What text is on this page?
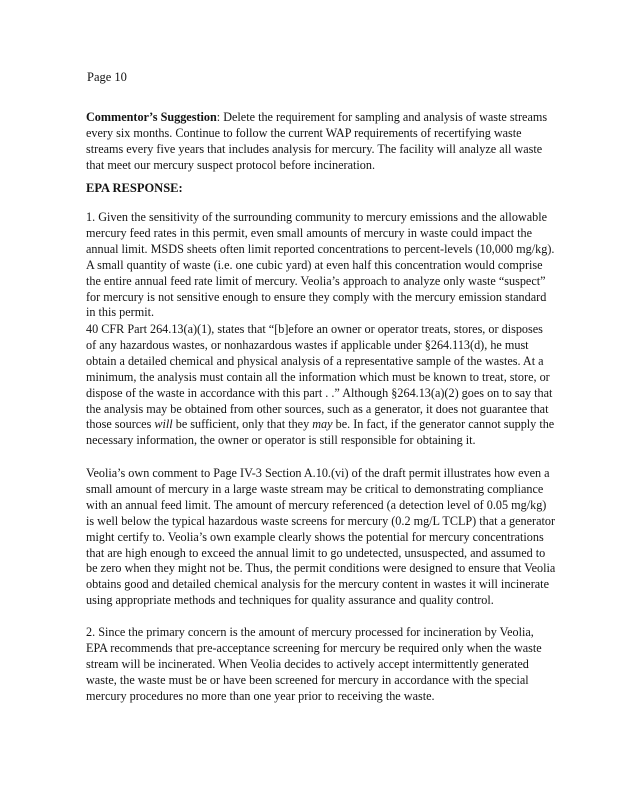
Page 10

Commentor’s Suggestion: Delete the requirement for sampling and analysis of waste streams every six months. Continue to follow the current WAP requirements of recertifying waste streams every five years that includes analysis for mercury. The facility will analyze all waste that meet our mercury suspect protocol before incineration.

EPA RESPONSE:

1. Given the sensitivity of the surrounding community to mercury emissions and the allowable mercury feed rates in this permit, even small amounts of mercury in waste could impact the annual limit. MSDS sheets often limit reported concentrations to percent-levels (10,000 mg/kg). A small quantity of waste (i.e. one cubic yard) at even half this concentration would comprise the entire annual feed rate limit of mercury. Veolia’s approach to analyze only waste “suspect” for mercury is not sensitive enough to ensure they comply with the mercury emission standard in this permit.

40 CFR Part 264.13(a)(1), states that “[b]efore an owner or operator treats, stores, or disposes of any hazardous wastes, or nonhazardous wastes if applicable under §264.113(d), he must obtain a detailed chemical and physical analysis of a representative sample of the wastes. At a minimum, the analysis must contain all the information which must be known to treat, store, or dispose of the waste in accordance with this part . .” Although §264.13(a)(2) goes on to say that the analysis may be obtained from other sources, such as a generator, it does not guarantee that those sources will be sufficient, only that they may be. In fact, if the generator cannot supply the necessary information, the owner or operator is still responsible for obtaining it.

Veolia’s own comment to Page IV-3 Section A.10.(vi) of the draft permit illustrates how even a small amount of mercury in a large waste stream may be critical to demonstrating compliance with an annual feed limit. The amount of mercury referenced (a detection level of 0.05 mg/kg) is well below the typical hazardous waste screens for mercury (0.2 mg/L TCLP) that a generator might certify to. Veolia’s own example clearly shows the potential for mercury concentrations that are high enough to exceed the annual limit to go undetected, unsuspected, and assumed to be zero when they might not be. Thus, the permit conditions were designed to ensure that Veolia obtains good and detailed chemical analysis for the mercury content in wastes it will incinerate using appropriate methods and techniques for quality assurance and quality control.

2. Since the primary concern is the amount of mercury processed for incineration by Veolia, EPA recommends that pre-acceptance screening for mercury be required only when the waste stream will be incinerated. When Veolia decides to actively accept intermittently generated waste, the waste must be or have been screened for mercury in accordance with the special mercury procedures no more than one year prior to receiving the waste.
